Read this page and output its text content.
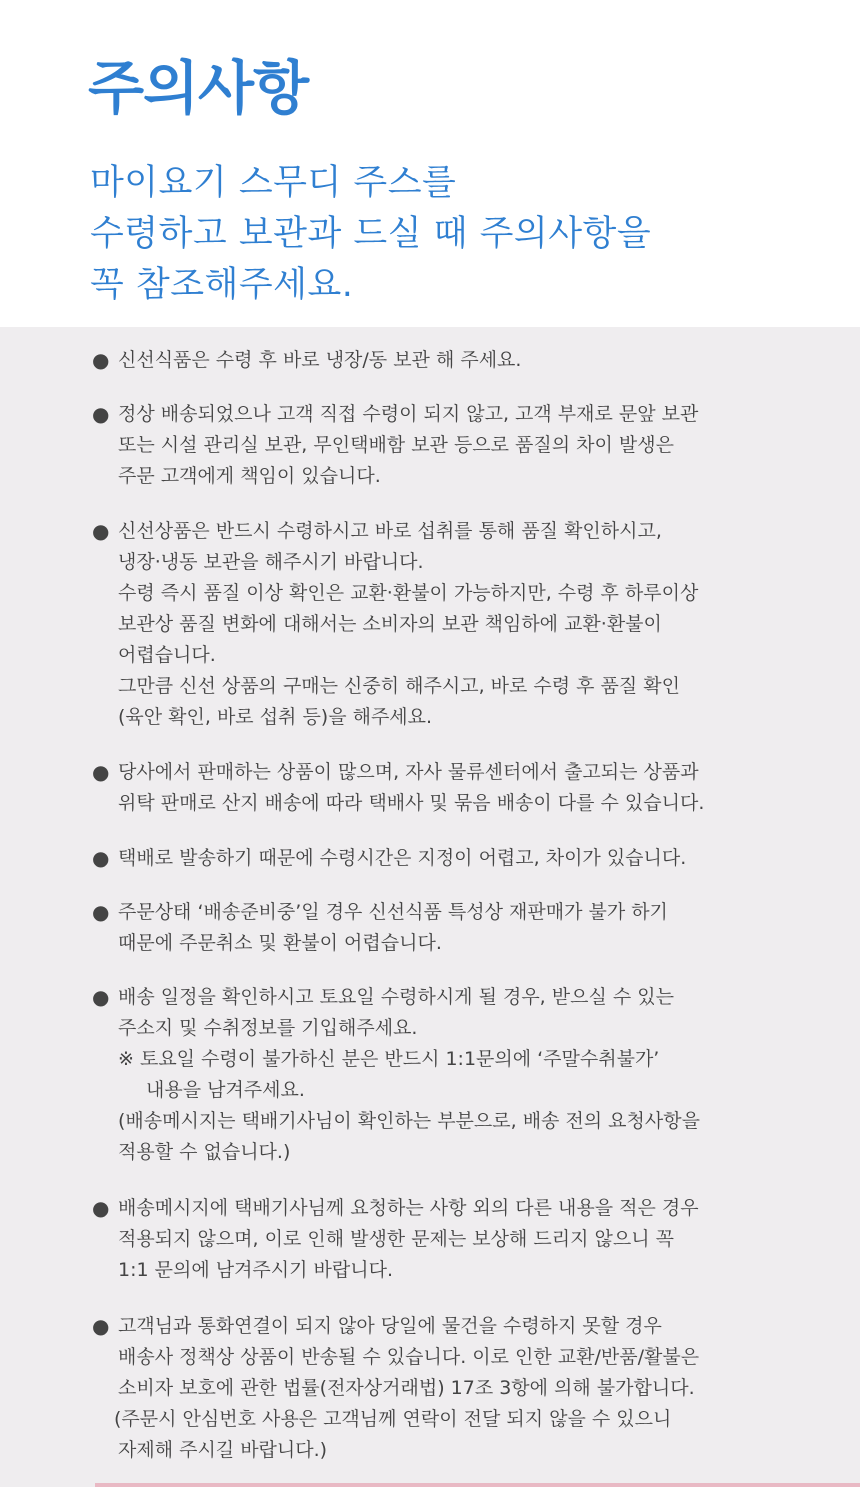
주의사항
마이요기 스무디 주스를
수령하고 보관과 드실 때 주의사항을
꼭 참조해주세요.
● 신선식품은 수령 후 바로 냉장/동 보관 해 주세요.
● 정상 배송되었으나 고객 직접 수령이 되지 않고, 고객 부재로 문앞 보관
또는 시설 관리실 보관, 무인택배함 보관 등으로 품질의 차이 발생은
주문 고객에게 책임이 있습니다.
● 신선상품은 반드시 수령하시고 바로 섭취를 통해 품질 확인하시고,
냉장·냉동 보관을 해주시기 바랍니다.
수령 즉시 품질 이상 확인은 교환·환불이 가능하지만, 수령 후 하루이상
보관상 품질 변화에 대해서는 소비자의 보관 책임하에 교환·환불이
어렵습니다.
그만큼 신선 상품의 구매는 신중히 해주시고, 바로 수령 후 품질 확인
(육안 확인, 바로 섭취 등)을 해주세요.
● 당사에서 판매하는 상품이 많으며, 자사 물류센터에서 출고되는 상품과
위탁 판매로 산지 배송에 따라 택배사 및 묶음 배송이 다를 수 있습니다.
● 택배로 발송하기 때문에 수령시간은 지정이 어렵고, 차이가 있습니다.
● 주문상태 ‘배송준비중’일 경우 신선식품 특성상 재판매가 불가 하기
때문에 주문취소 및 환불이 어렵습니다.
● 배송 일정을 확인하시고 토요일 수령하시게 될 경우, 받으실 수 있는
주소지 및 수취정보를 기입해주세요.
※ 토요일 수령이 불가하신 분은 반드시 1:1문의에 ‘주말수취불가’
내용을 남겨주세요.
(배송메시지는 택배기사님이 확인하는 부분으로, 배송 전의 요청사항을
적용할 수 없습니다.)
● 배송메시지에 택배기사님께 요청하는 사항 외의 다른 내용을 적은 경우
적용되지 않으며, 이로 인해 발생한 문제는 보상해 드리지 않으니 꼭
1:1 문의에 남겨주시기 바랍니다.
● 고객님과 통화연결이 되지 않아 당일에 물건을 수령하지 못할 경우
배송사 정책상 상품이 반송될 수 있습니다. 이로 인한 교환/반품/활불은
소비자 보호에 관한 법률(전자상거래법) 17조 3항에 의해 불가합니다.
(주문시 안심번호 사용은 고객님께 연락이 전달 되지 않을 수 있으니
자제해 주시길 바랍니다.)
